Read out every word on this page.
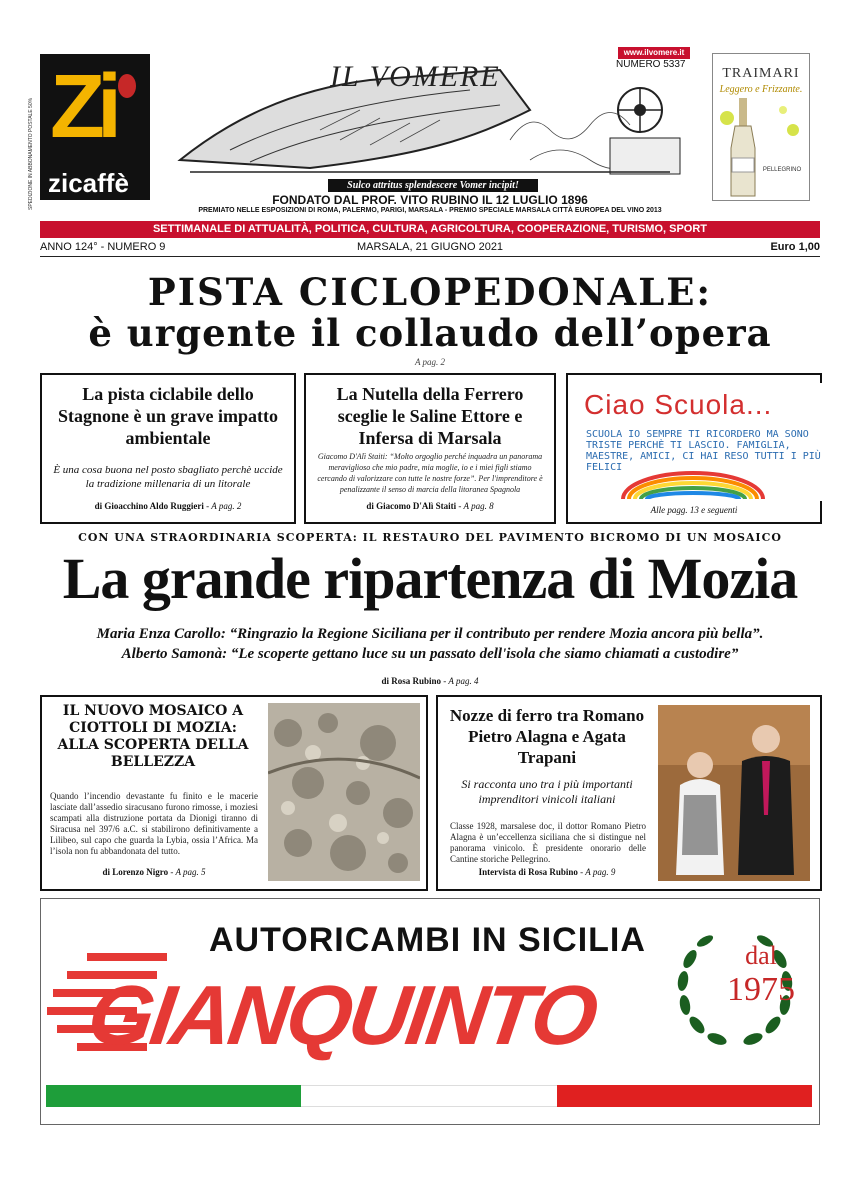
SPEDIZIONE IN ABBONAMENTO POSTALE 50% Zi
zicaffè
IL VOMERE
Sulco attritus splendescere Vomer incipit!
www.ilvomere.it
NUMERO 5337
TRAIMARI
Leggero e Frizzante.
PELLEGRINO
FONDATO DAL PROF. VITO RUBINO IL 12 LUGLIO 1896
PREMIATO NELLE ESPOSIZIONI DI ROMA, PALERMO, PARIGI, MARSALA - PREMIO SPECIALE MARSALA CITTÀ EUROPEA DEL VINO 2013
SETTIMANALE DI ATTUALITÀ, POLITICA, CULTURA, AGRICOLTURA, COOPERAZIONE, TURISMO, SPORT
ANNO 124° - NUMERO 9	MARSALA, 21 GIUGNO 2021	Euro 1,00
PISTA CICLOPEDONALE:
è urgente il collaudo dell’opera
A pag. 2
La pista ciclabile dello Stagnone è un grave impatto ambientale
È una cosa buona nel posto sbagliato perchè uccide la tradizione millenaria di un litorale
di Gioacchino Aldo Ruggieri - A pag. 2
La Nutella della Ferrero sceglie le Saline Ettore e Infersa di Marsala
Giacomo D'Alì Staiti: “Molto orgoglio perché inquadra un panorama meraviglioso che mio padre, mia moglie, io e i miei figli stiamo cercando di valorizzare con tutte le nostre forze”. Per l'imprenditore è penalizzante il senso di marcia della litoranea Spagnola
di Giacomo D'Alì Staiti - A pag. 8
Ciao Scuola...
SCUOLA IO SEMPRE TI RICORDERO MA SONO TRISTE PERCHÈ TI LASCIO. FAMIGLIA, MAESTRE, AMICI, CI HAI RESO TUTTI I PIÙ FELICI
Alle pagg. 13 e seguenti
CON UNA STRAORDINARIA SCOPERTA: IL RESTAURO DEL PAVIMENTO BICROMO DI UN MOSAICO
La grande ripartenza di Mozia
Maria Enza Carollo: “Ringrazio la Regione Siciliana per il contributo per rendere Mozia ancora più bella”.
Alberto Samonà: “Le scoperte gettano luce su un passato dell'isola che siamo chiamati a custodire”
di Rosa Rubino - A pag. 4
IL NUOVO MOSAICO A CIOTTOLI DI MOZIA: ALLA SCOPERTA DELLA BELLEZZA
Quando l’incendio devastante fu finito e le macerie lasciate dall’assedio siracusano furono rimosse, i moziesi scampati alla distruzione portata da Dionigi tiranno di Siracusa nel 397/6 a.C. si stabilirono definitivamente a Lilibeo, sul capo che guarda la Lybia, ossia l’Africa. Ma l’isola non fu abbandonata del tutto.
di Lorenzo Nigro - A pag. 5
Nozze di ferro tra Romano Pietro Alagna e Agata Trapani
Si racconta uno tra i più importanti imprenditori vinicoli italiani
Classe 1928, marsalese doc, il dottor Romano Pietro Alagna è un’eccellenza siciliana che si distingue nel panorama vinicolo. È presidente onorario delle Cantine storiche Pellegrino.
Intervista di Rosa Rubino - A pag. 9
AUTORICAMBI IN SICILIA
GIANQUINTO
dal
1975
